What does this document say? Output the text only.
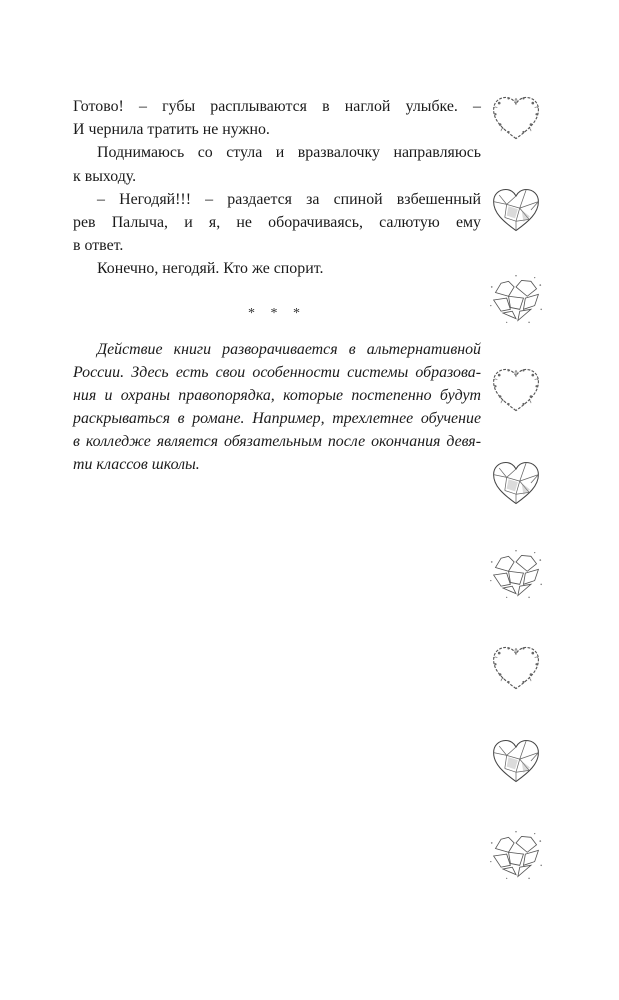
Готово! – губы расплываются в наглой улыбке. –
И чернила тратить не нужно.
Поднимаюсь со стула и вразвалочку направляюсь
к выходу.
– Негодяй!!! – раздается за спиной взбешенный
рев Палыча, и я, не оборачиваясь, салютую ему
в ответ.
Конечно, негодяй. Кто же спорит.
* * *
Действие книги разворачивается в альтернативной
России. Здесь есть свои особенности системы образова-
ния и охраны правопорядка, которые постепенно будут
раскрываться в романе. Например, трехлетнее обучение
в колледже является обязательным после окончания девя-
ти классов школы.
